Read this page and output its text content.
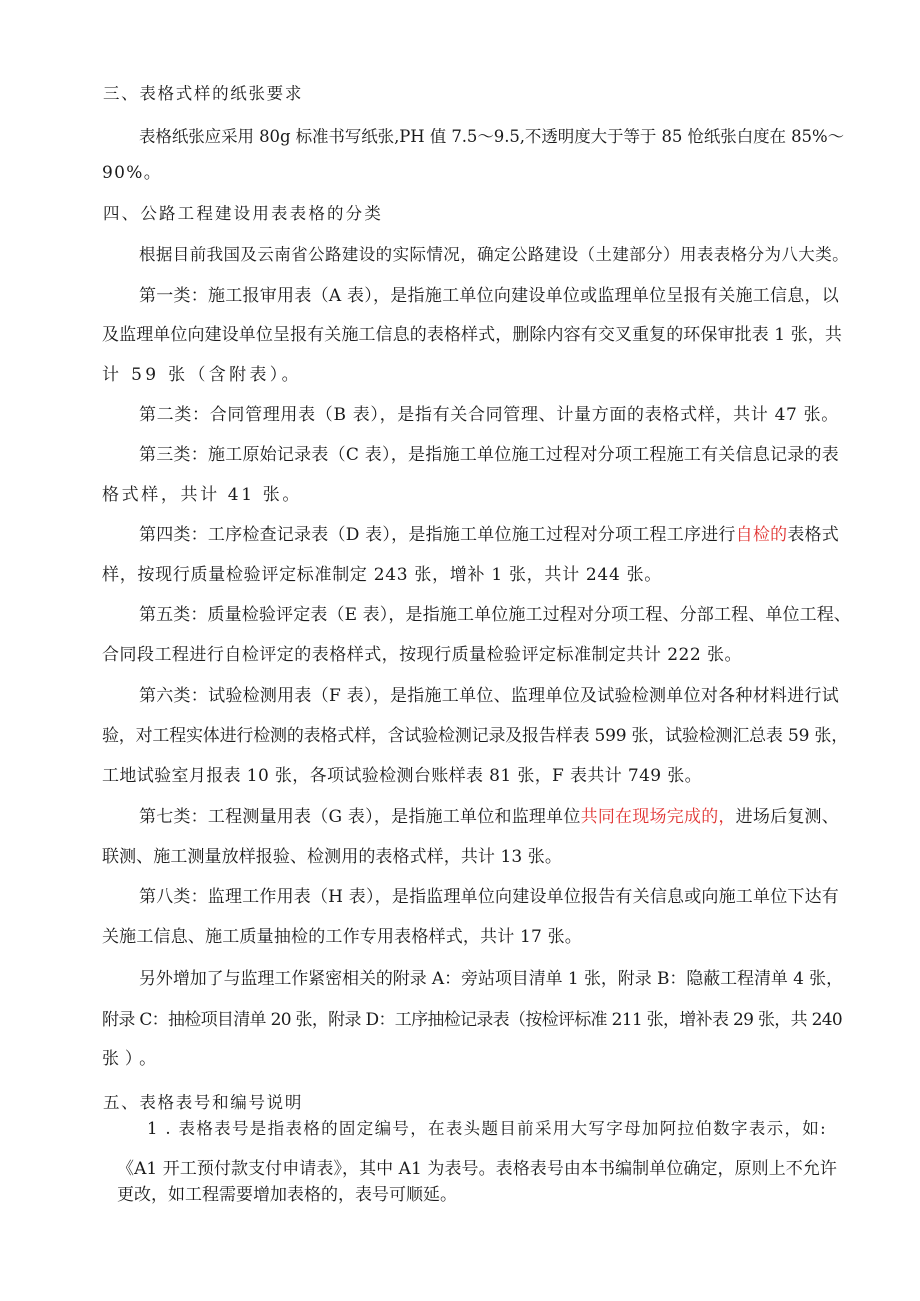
三、表格式样的纸张要求

表格纸张应采用 80g 标准书写纸张,PH 值 7.5～9.5,不透明度大于等于 85 怆纸张白度在 85%～

90%。

四、公路工程建设用表表格的分类

根据目前我国及云南省公路建设的实际情况，确定公路建设（土建部分）用表表格分为八大类。

第一类：施工报审用表（A 表），是指施工单位向建设单位或监理单位呈报有关施工信息，以

及监理单位向建设单位呈报有关施工信息的表格样式，删除内容有交叉重复的环保审批表 1 张，共

计 59 张（含附表）。

第二类：合同管理用表（B 表），是指有关合同管理、计量方面的表格式样，共计 47 张。

第三类：施工原始记录表（C 表），是指施工单位施工过程对分项工程施工有关信息记录的表

格式样，共计 41 张。

第四类：工序检查记录表（D 表），是指施工单位施工过程对分项工程工序进行自检的表格式

样，按现行质量检验评定标准制定 243 张，增补 1 张，共计 244 张。

第五类：质量检验评定表（E 表），是指施工单位施工过程对分项工程、分部工程、单位工程、

合同段工程进行自检评定的表格样式，按现行质量检验评定标准制定共计 222 张。

第六类：试验检测用表（F 表），是指施工单位、监理单位及试验检测单位对各种材料进行试

验，对工程实体进行检测的表格式样，含试验检测记录及报告样表 599 张，试验检测汇总表 59 张，

工地试验室月报表 10 张，各项试验检测台账样表 81 张，F 表共计 749 张。

第七类：工程测量用表（G 表），是指施工单位和监理单位共同在现场完成的，进场后复测、

联测、施工测量放样报验、检测用的表格式样，共计 13 张。

第八类：监理工作用表（H 表），是指监理单位向建设单位报告有关信息或向施工单位下达有

关施工信息、施工质量抽检的工作专用表格样式，共计 17 张。

另外增加了与监理工作紧密相关的附录 A：旁站项目清单 1 张，附录 B：隐蔽工程清单 4 张，

附录 C：抽检项目清单 20 张，附录 D：工序抽检记录表（按检评标准 211 张，增补表 29 张，共 240

张）。

五、表格表号和编号说明

1 . 表格表号是指表格的固定编号，在表头题目前采用大写字母加阿拉伯数字表示，如:

《A1 开工预付款支付申请表》，其中 A1 为表号。表格表号由本书编制单位确定，原则上不允许

更改，如工程需要增加表格的，表号可顺延。
